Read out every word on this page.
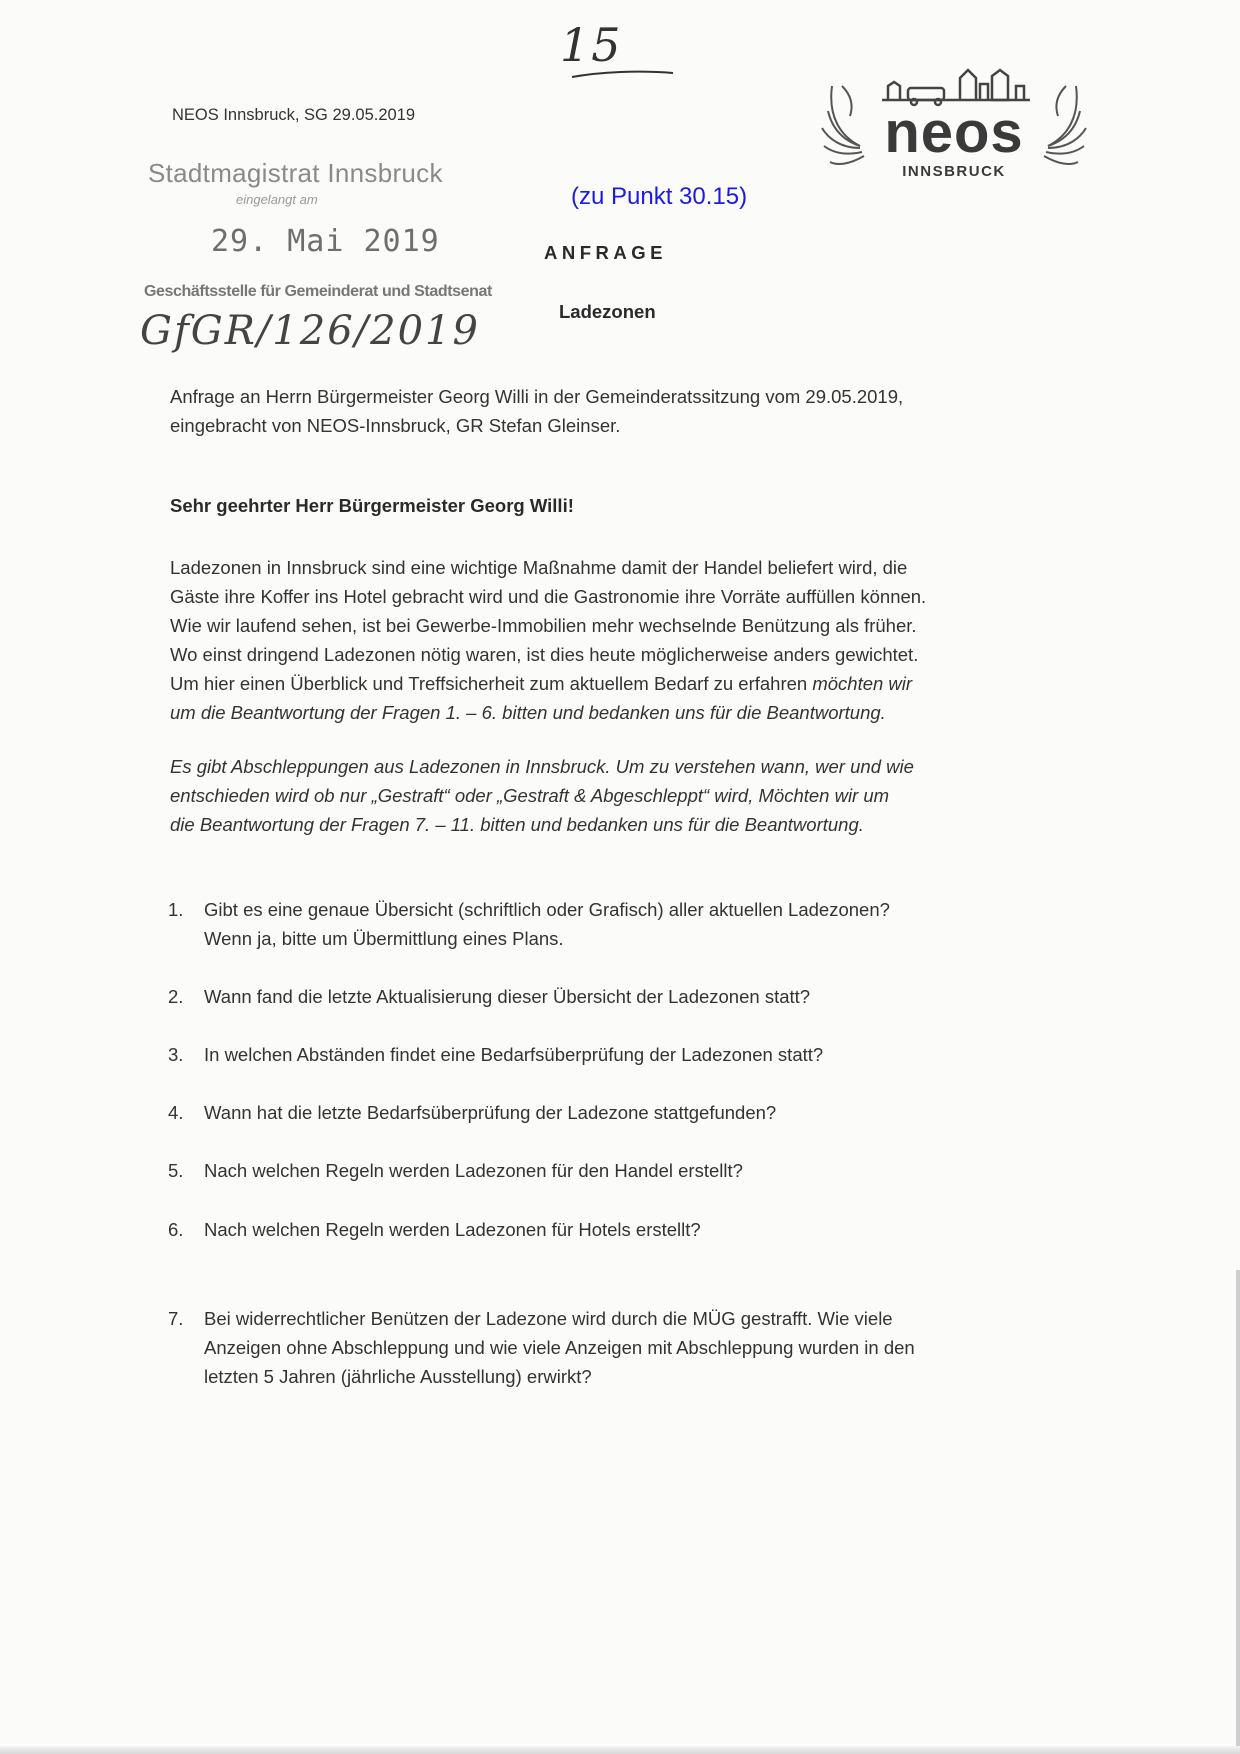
15
NEOS Innsbruck, SG 29.05.2019
Stadtmagistrat Innsbruck
eingelangt am
29. Mai 2019
Geschäftsstelle für Gemeinderat und Stadtsenat
GfGR/126/2019
(zu Punkt 30.15)
ANFRAGE
Ladezonen
neos
INNSBRUCK
Anfrage an Herrn Bürgermeister Georg Willi in der Gemeinderatssitzung vom 29.05.2019,
eingebracht von NEOS-Innsbruck, GR Stefan Gleinser.
Sehr geehrter Herr Bürgermeister Georg Willi!
Ladezonen in Innsbruck sind eine wichtige Maßnahme damit der Handel beliefert wird, die
Gäste ihre Koffer ins Hotel gebracht wird und die Gastronomie ihre Vorräte auffüllen können.
Wie wir laufend sehen, ist bei Gewerbe-Immobilien mehr wechselnde Benützung als früher.
Wo einst dringend Ladezonen nötig waren, ist dies heute möglicherweise anders gewichtet.
Um hier einen Überblick und Treffsicherheit zum aktuellem Bedarf zu erfahren möchten wir
um die Beantwortung der Fragen 1. – 6. bitten und bedanken uns für die Beantwortung.
Es gibt Abschleppungen aus Ladezonen in Innsbruck. Um zu verstehen wann, wer und wie
entschieden wird ob nur „Gestraft“ oder „Gestraft & Abgeschleppt“ wird, Möchten wir um
die Beantwortung der Fragen 7. – 11. bitten und bedanken uns für die Beantwortung.
1.	Gibt es eine genaue Übersicht (schriftlich oder Grafisch) aller aktuellen Ladezonen?
Wenn ja, bitte um Übermittlung eines Plans.
2.	Wann fand die letzte Aktualisierung dieser Übersicht der Ladezonen statt?
3.	In welchen Abständen findet eine Bedarfsüberprüfung der Ladezonen statt?
4.	Wann hat die letzte Bedarfsüberprüfung der Ladezone stattgefunden?
5.	Nach welchen Regeln werden Ladezonen für den Handel erstellt?
6.	Nach welchen Regeln werden Ladezonen für Hotels erstellt?
7.	Bei widerrechtlicher Benützen der Ladezone wird durch die MÜG gestrafft. Wie viele
Anzeigen ohne Abschleppung und wie viele Anzeigen mit Abschleppung wurden in den
letzten 5 Jahren (jährliche Ausstellung) erwirkt?
